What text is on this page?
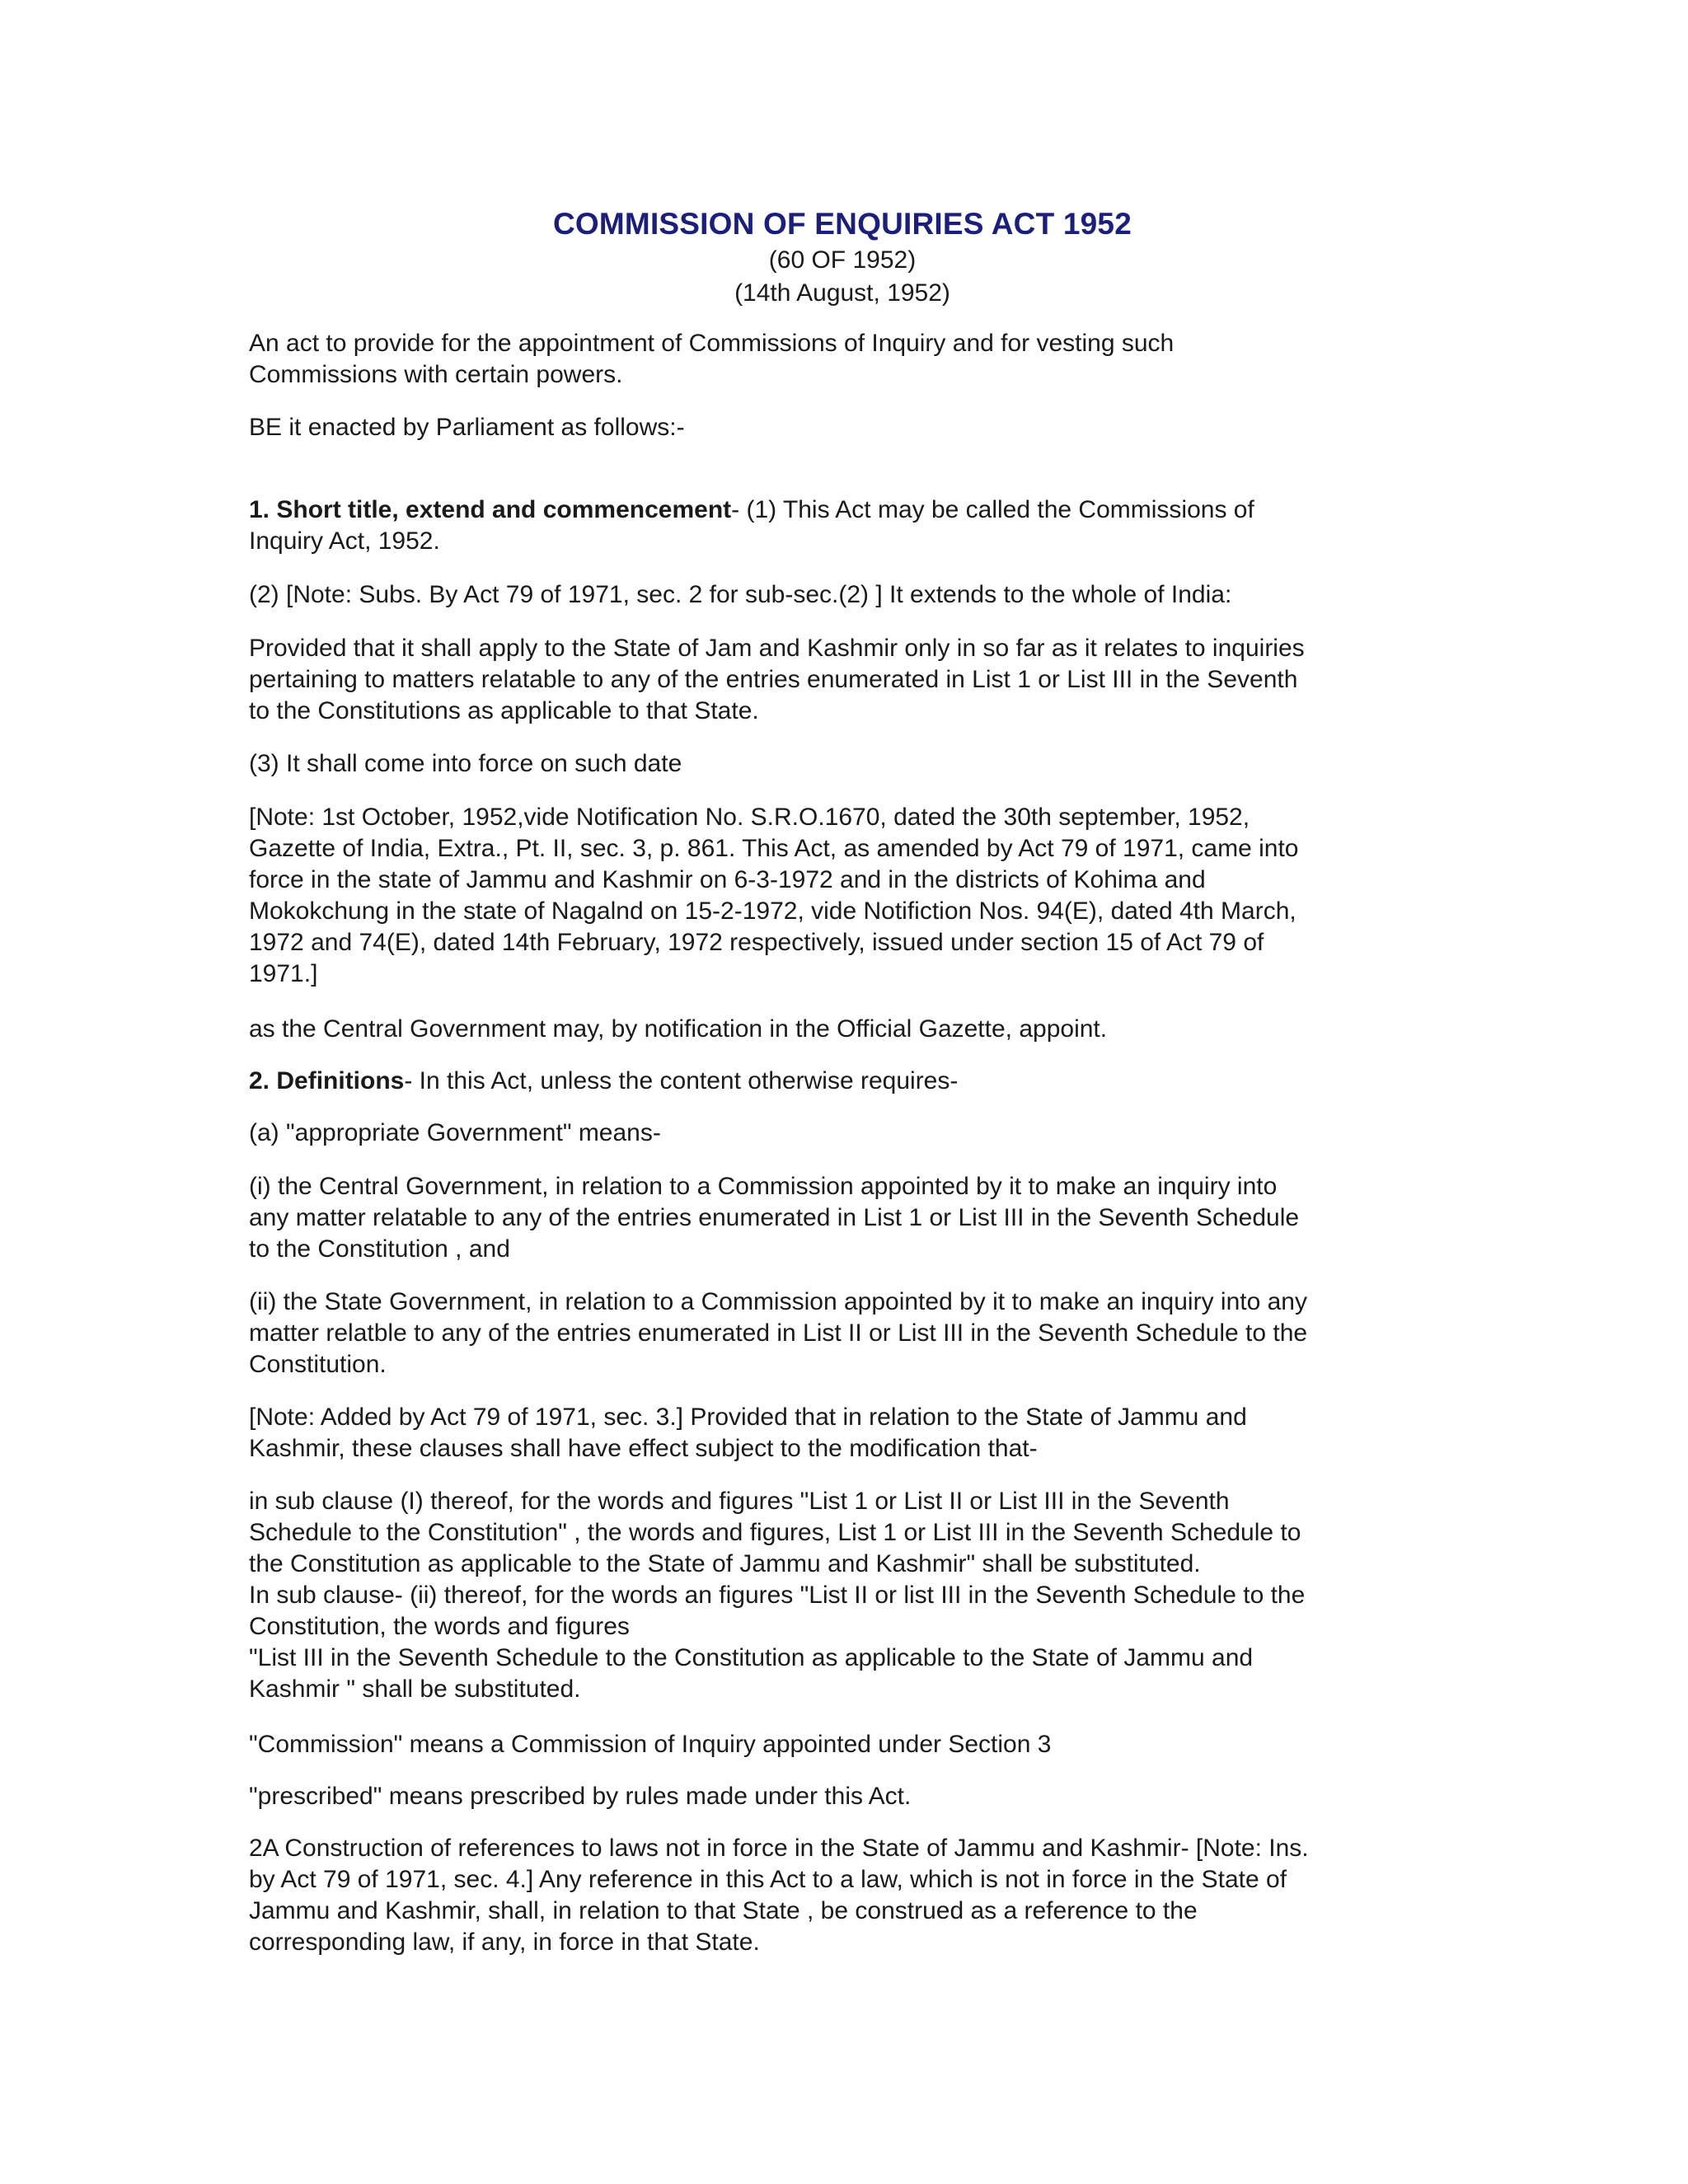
COMMISSION OF ENQUIRIES ACT 1952
(60 OF 1952)
(14th August, 1952)
An act to provide for the appointment of Commissions of Inquiry and for vesting such
Commissions with certain powers.
BE it enacted by Parliament as follows:-
1. Short title, extend and commencement- (1) This Act may be called the Commissions of
Inquiry Act, 1952.
(2) [Note: Subs. By Act 79 of 1971, sec. 2 for sub-sec.(2) ] It extends to the whole of India:
Provided that it shall apply to the State of Jam and Kashmir only in so far as it relates to inquiries
pertaining to matters relatable to any of the entries enumerated in List 1 or List III in the Seventh
to the Constitutions as applicable to that State.
(3) It shall come into force on such date
[Note: 1st October, 1952,vide Notification No. S.R.O.1670, dated the 30th september, 1952,
Gazette of India, Extra., Pt. II, sec. 3, p. 861. This Act, as amended by Act 79 of 1971, came into
force in the state of Jammu and Kashmir on 6-3-1972 and in the districts of Kohima and
Mokokchung in the state of Nagalnd on 15-2-1972, vide Notifiction Nos. 94(E), dated 4th March,
1972 and 74(E), dated 14th February, 1972 respectively, issued under section 15 of Act 79 of
1971.]
as the Central Government may, by notification in the Official Gazette, appoint.
2. Definitions- In this Act, unless the content otherwise requires-
(a) "appropriate Government" means-
(i) the Central Government, in relation to a Commission appointed by it to make an inquiry into
any matter relatable to any of the entries enumerated in List 1 or List III in the Seventh Schedule
to the Constitution , and
(ii) the State Government, in relation to a Commission appointed by it to make an inquiry into any
matter relatble to any of the entries enumerated in List II or List III in the Seventh Schedule to the
Constitution.
[Note: Added by Act 79 of 1971, sec. 3.] Provided that in relation to the State of Jammu and
Kashmir, these clauses shall have effect subject to the modification that-
in sub clause (I) thereof, for the words and figures "List 1 or List II or List III in the Seventh
Schedule to the Constitution" , the words and figures, List 1 or List III in the Seventh Schedule to
the Constitution as applicable to the State of Jammu and Kashmir" shall be substituted.
In sub clause- (ii) thereof, for the words an figures "List II or list III in the Seventh Schedule to the
Constitution, the words and figures
"List III in the Seventh Schedule to the Constitution as applicable to the State of Jammu and
Kashmir " shall be substituted.
"Commission" means a Commission of Inquiry appointed under Section 3
"prescribed" means prescribed by rules made under this Act.
2A Construction of references to laws not in force in the State of Jammu and Kashmir- [Note: Ins.
by Act 79 of 1971, sec. 4.] Any reference in this Act to a law, which is not in force in the State of
Jammu and Kashmir, shall, in relation to that State , be construed as a reference to the
corresponding law, if any, in force in that State.
